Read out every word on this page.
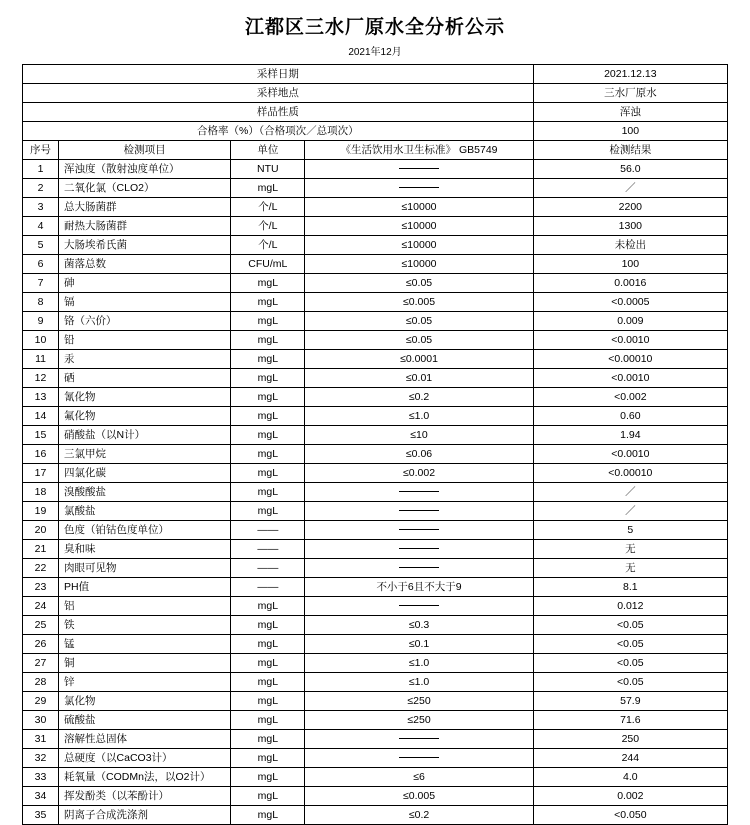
江都区三水厂原水全分析公示
2021年12月
采样日期				2021.12.13
采样地点				三水厂原水
样品性质				浑浊
合格率（%）（合格项次／总项次）				100
序号	检测项目	单位	《生活饮用水卫生标准》 GB5749	检测结果
1	浑浊度（散射浊度单位）	NTU		56.0
2	二氧化氯（CLO2）	mgL		／
3	总大肠菌群	个/L	≤10000	2200
4	耐热大肠菌群	个/L	≤10000	1300
5	大肠埃希氏菌	个/L	≤10000	未检出
6	菌落总数	CFU/mL	≤10000	100
7	砷	mgL	≤0.05	0.0016
8	镉	mgL	≤0.005	<0.0005
9	铬（六价）	mgL	≤0.05	0.009
10	铅	mgL	≤0.05	<0.0010
11	汞	mgL	≤0.0001	<0.00010
12	硒	mgL	≤0.01	<0.0010
13	氰化物	mgL	≤0.2	<0.002
14	氟化物	mgL	≤1.0	0.60
15	硝酸盐（以N计）	mgL	≤10	1.94
16	三氯甲烷	mgL	≤0.06	<0.0010
17	四氯化碳	mgL	≤0.002	<0.00010
18	溴酸酸盐	mgL		／
19	氯酸盐	mgL		／
20	色度（铂钴色度单位）	——		5
21	臭和味	——		无
22	肉眼可见物	——		无
23	PH值	——	不小于6且不大于9	8.1
24	铝	mgL		0.012
25	铁	mgL	≤0.3	<0.05
26	锰	mgL	≤0.1	<0.05
27	铜	mgL	≤1.0	<0.05
28	锌	mgL	≤1.0	<0.05
29	氯化物	mgL	≤250	57.9
30	硫酸盐	mgL	≤250	71.6
31	溶解性总固体	mgL		250
32	总硬度（以CaCO3计）	mgL		244
33	耗氧量（CODMn法，以O2计）	mgL	≤6	4.0
34	挥发酚类（以苯酚计）	mgL	≤0.005	0.002
35	阴离子合成洗涤剂	mgL	≤0.2	<0.050
